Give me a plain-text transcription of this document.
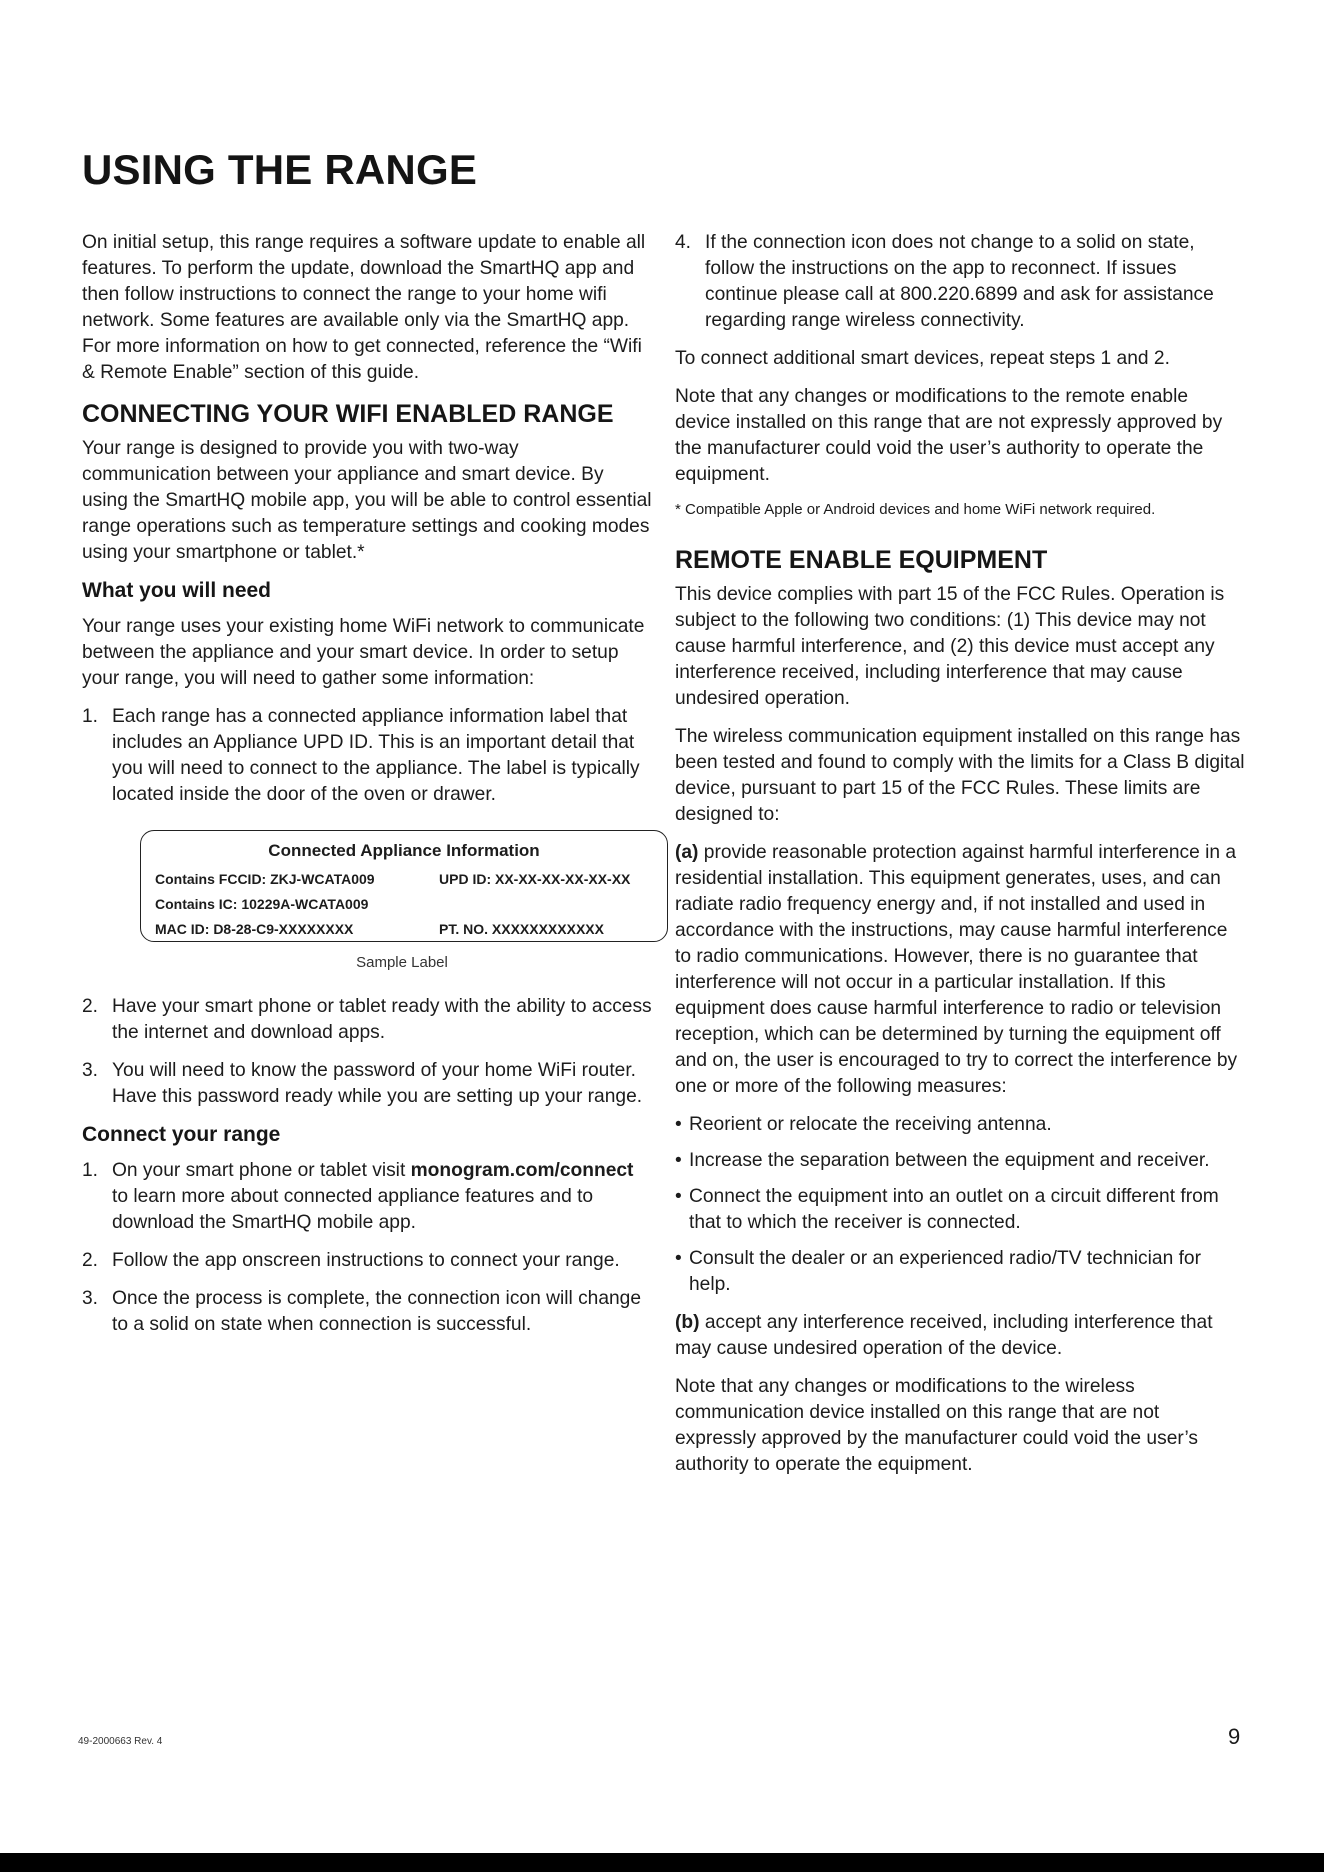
USING THE RANGE

On initial setup, this range requires a software update to enable all features. To perform the update, download the SmartHQ app and then follow instructions to connect the range to your home wifi network. Some features are available only via the SmartHQ app. For more information on how to get connected, reference the “Wifi & Remote Enable” section of this guide.

CONNECTING YOUR WIFI ENABLED RANGE

Your range is designed to provide you with two-way communication between your appliance and smart device. By using the SmartHQ mobile app, you will be able to control essential range operations such as temperature settings and cooking modes using your smartphone or tablet.*

What you will need

Your range uses your existing home WiFi network to communicate between the appliance and your smart device. In order to setup your range, you will need to gather some information:

1. Each range has a connected appliance information label that includes an Appliance UPD ID. This is an important detail that you will need to connect to the appliance. The label is typically located inside the door of the oven or drawer.
Connected Appliance Information
Contains FCCID: ZKJ-WCATA009	UPD ID: XX-XX-XX-XX-XX-XX
Contains IC: 10229A-WCATA009
MAC ID: D8-28-C9-XXXXXXXX	PT. NO. XXXXXXXXXXXX
Sample Label
2. Have your smart phone or tablet ready with the ability to access the internet and download apps.
3. You will need to know the password of your home WiFi router. Have this password ready while you are setting up your range.
Connect your range
1. On your smart phone or tablet visit monogram.com/connect to learn more about connected appliance features and to download the SmartHQ mobile app.
2. Follow the app onscreen instructions to connect your range.
3. Once the process is complete, the connection icon will change to a solid on state when connection is successful.
4. If the connection icon does not change to a solid on state, follow the instructions on the app to reconnect. If issues continue please call at 800.220.6899 and ask for assistance regarding range wireless connectivity.

To connect additional smart devices, repeat steps 1 and 2.

Note that any changes or modifications to the remote enable device installed on this range that are not expressly approved by the manufacturer could void the user’s authority to operate the equipment.

* Compatible Apple or Android devices and home WiFi network required.
REMOTE ENABLE EQUIPMENT

This device complies with part 15 of the FCC Rules. Operation is subject to the following two conditions: (1) This device may not cause harmful interference, and (2) this device must accept any interference received, including interference that may cause undesired operation.

The wireless communication equipment installed on this range has been tested and found to comply with the limits for a Class B digital device, pursuant to part 15 of the FCC Rules. These limits are designed to:

(a) provide reasonable protection against harmful interference in a residential installation. This equipment generates, uses, and can radiate radio frequency energy and, if not installed and used in accordance with the instructions, may cause harmful interference to radio communications. However, there is no guarantee that interference will not occur in a particular installation. If this equipment does cause harmful interference to radio or television reception, which can be determined by turning the equipment off and on, the user is encouraged to try to correct the interference by one or more of the following measures:

• Reorient or relocate the receiving antenna.
• Increase the separation between the equipment and receiver.
• Connect the equipment into an outlet on a circuit different from that to which the receiver is connected.
• Consult the dealer or an experienced radio/TV technician for help.

(b) accept any interference received, including interference that may cause undesired operation of the device.

Note that any changes or modifications to the wireless communication device installed on this range that are not expressly approved by the manufacturer could void the user’s authority to operate the equipment.

49-2000663 Rev. 4	9
